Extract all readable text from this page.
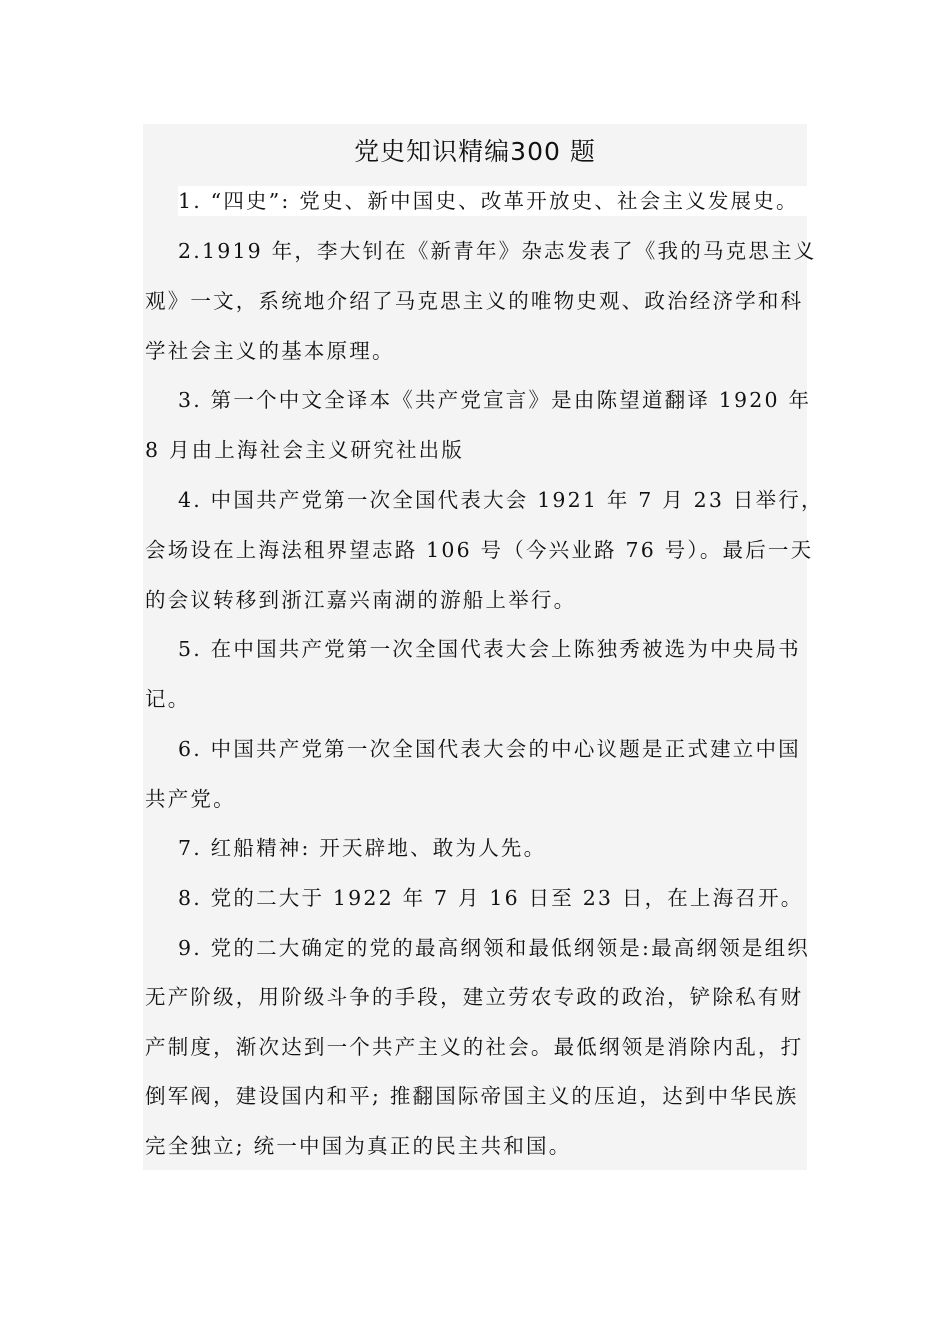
党史知识精编300 题
1. “四史”: 党史、新中国史、改革开放史、社会主义发展史。
2.1919 年，李大钊在《新青年》杂志发表了《我的马克思主义
观》一文，系统地介绍了马克思主义的唯物史观、政治经济学和科
学社会主义的基本原理。
3. 第一个中文全译本《共产党宣言》是由陈望道翻译 1920 年
8 月由上海社会主义研究社出版
4. 中国共产党第一次全国代表大会 1921 年 7 月 23 日举行，
会场设在上海法租界望志路 106 号（今兴业路 76 号）。最后一天
的会议转移到浙江嘉兴南湖的游船上举行。
5. 在中国共产党第一次全国代表大会上陈独秀被选为中央局书
记。
6. 中国共产党第一次全国代表大会的中心议题是正式建立中国
共产党。
7. 红船精神: 开天辟地、敢为人先。
8. 党的二大于 1922 年 7 月 16 日至 23 日，在上海召开。
9. 党的二大确定的党的最高纲领和最低纲领是:最高纲领是组织
无产阶级，用阶级斗争的手段，建立劳农专政的政治，铲除私有财
产制度，渐次达到一个共产主义的社会。最低纲领是消除内乱，打
倒军阀，建设国内和平; 推翻国际帝国主义的压迫，达到中华民族
完全独立; 统一中国为真正的民主共和国。
